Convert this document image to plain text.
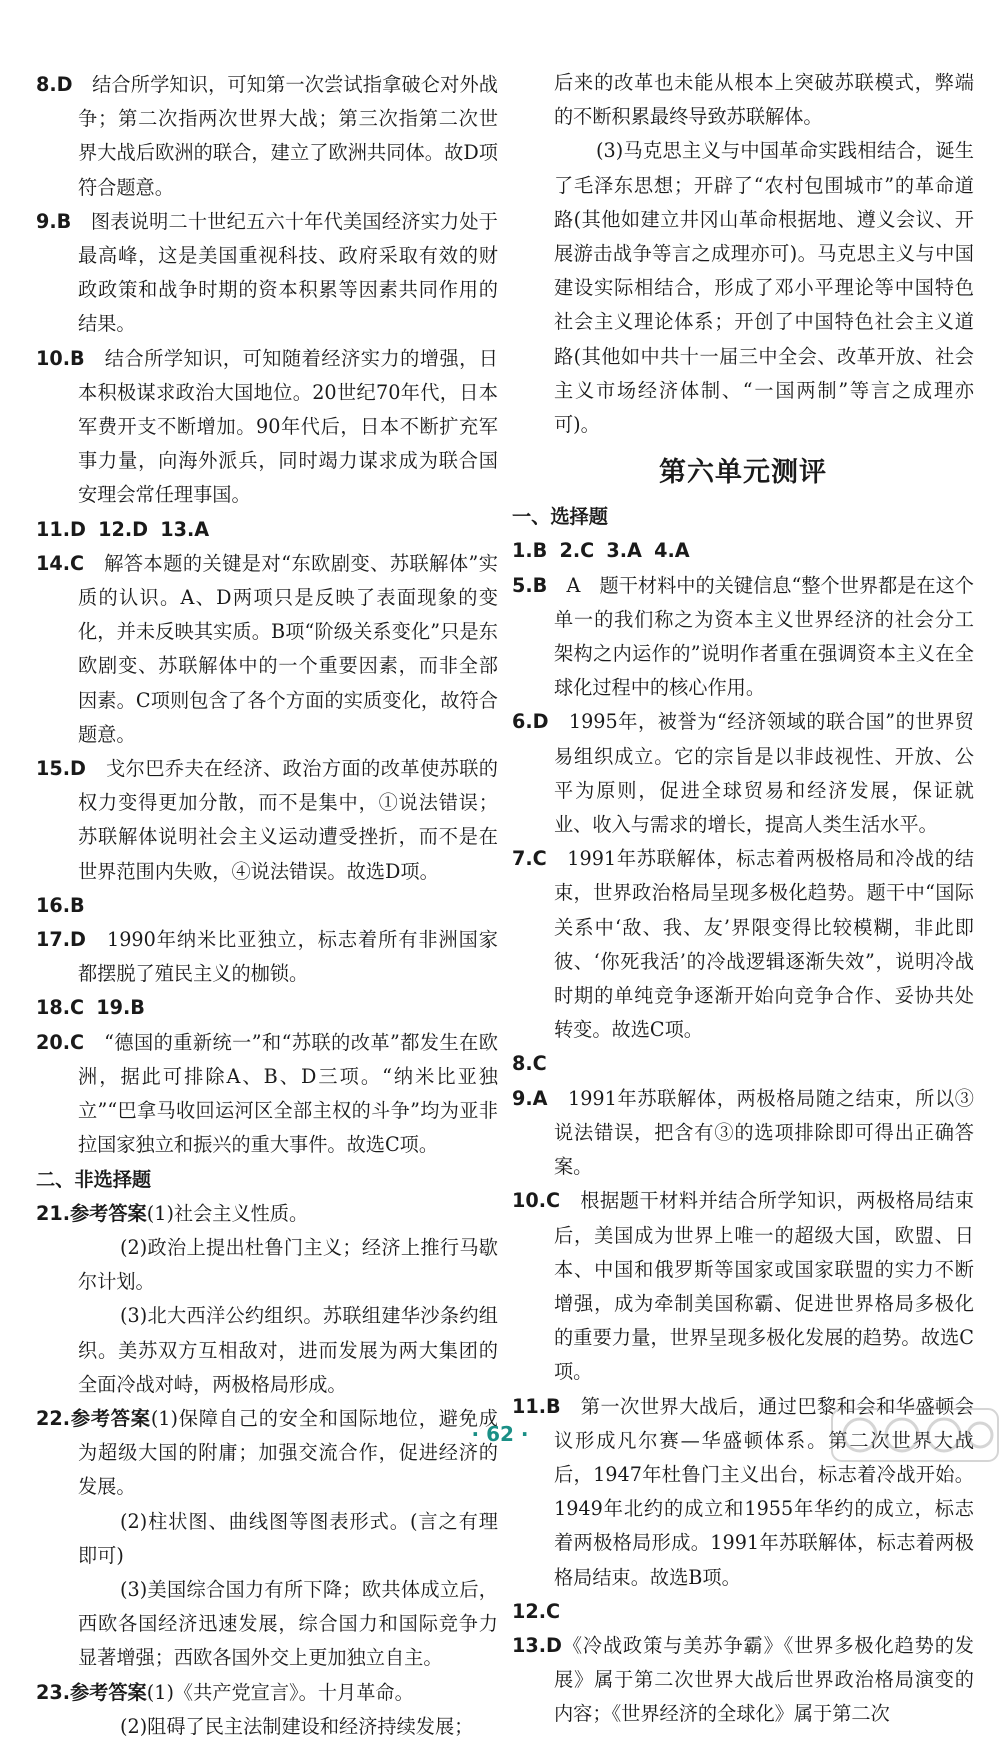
8.D　结合所学知识，可知第一次尝试指拿破仑对外战争；第二次指两次世界大战；第三次指第二次世界大战后欧洲的联合，建立了欧洲共同体。故D项符合题意。

9.B　图表说明二十世纪五六十年代美国经济实力处于最高峰，这是美国重视科技、政府采取有效的财政政策和战争时期的资本积累等因素共同作用的结果。

10.B　结合所学知识，可知随着经济实力的增强，日本积极谋求政治大国地位。20世纪70年代，日本军费开支不断增加。90年代后，日本不断扩充军事力量，向海外派兵，同时竭力谋求成为联合国安理会常任理事国。

11.D 12.D 13.A

14.C　解答本题的关键是对“东欧剧变、苏联解体”实质的认识。A、D两项只是反映了表面现象的变化，并未反映其实质。B项“阶级关系变化”只是东欧剧变、苏联解体中的一个重要因素，而非全部因素。C项则包含了各个方面的实质变化，故符合题意。

15.D　戈尔巴乔夫在经济、政治方面的改革使苏联的权力变得更加分散，而不是集中，①说法错误；苏联解体说明社会主义运动遭受挫折，而不是在世界范围内失败，④说法错误。故选D项。

16.B

17.D　1990年纳米比亚独立，标志着所有非洲国家都摆脱了殖民主义的枷锁。

18.C 19.B

20.C　“德国的重新统一”和“苏联的改革”都发生在欧洲，据此可排除A、B、D三项。“纳米比亚独立”“巴拿马收回运河区全部主权的斗争”均为亚非拉国家独立和振兴的重大事件。故选C项。

二、非选择题

21.参考答案(1)社会主义性质。

(2)政治上提出杜鲁门主义；经济上推行马歇尔计划。

(3)北大西洋公约组织。苏联组建华沙条约组织。美苏双方互相敌对，进而发展为两大集团的全面冷战对峙，两极格局形成。

22.参考答案(1)保障自己的安全和国际地位，避免成为超级大国的附庸；加强交流合作，促进经济的发展。

(2)柱状图、曲线图等图表形式。(言之有理即可)

(3)美国综合国力有所下降；欧共体成立后，西欧各国经济迅速发展，综合国力和国际竞争力显著增强；西欧各国外交上更加独立自主。

23.参考答案(1)《共产党宣言》。十月革命。

(2)阻碍了民主法制建设和经济持续发展；

后来的改革也未能从根本上突破苏联模式，弊端的不断积累最终导致苏联解体。

(3)马克思主义与中国革命实践相结合，诞生了毛泽东思想；开辟了“农村包围城市”的革命道路(其他如建立井冈山革命根据地、遵义会议、开展游击战争等言之成理亦可)。马克思主义与中国建设实际相结合，形成了邓小平理论等中国特色社会主义理论体系；开创了中国特色社会主义道路(其他如中共十一届三中全会、改革开放、社会主义市场经济体制、“一国两制”等言之成理亦可)。

第六单元测评

一、选择题

1.B 2.C 3.A 4.A

5.B　A　题干材料中的关键信息“整个世界都是在这个单一的我们称之为资本主义世界经济的社会分工架构之内运作的”说明作者重在强调资本主义在全球化过程中的核心作用。

6.D　1995年，被誉为“经济领域的联合国”的世界贸易组织成立。它的宗旨是以非歧视性、开放、公平为原则，促进全球贸易和经济发展，保证就业、收入与需求的增长，提高人类生活水平。

7.C　1991年苏联解体，标志着两极格局和冷战的结束，世界政治格局呈现多极化趋势。题干中“国际关系中‘敌、我、友’界限变得比较模糊，非此即彼、‘你死我活’的冷战逻辑逐渐失效”，说明冷战时期的单纯竞争逐渐开始向竞争合作、妥协共处转变。故选C项。

8.C

9.A　1991年苏联解体，两极格局随之结束，所以③说法错误，把含有③的选项排除即可得出正确答案。

10.C　根据题干材料并结合所学知识，两极格局结束后，美国成为世界上唯一的超级大国，欧盟、日本、中国和俄罗斯等国家或国家联盟的实力不断增强，成为牵制美国称霸、促进世界格局多极化的重要力量，世界呈现多极化发展的趋势。故选C项。

11.B　第一次世界大战后，通过巴黎和会和华盛顿会议形成凡尔赛—华盛顿体系。第二次世界大战后，1947年杜鲁门主义出台，标志着冷战开始。1949年北约的成立和1955年华约的成立，标志着两极格局形成。1991年苏联解体，标志着两极格局结束。故选B项。

12.C

13.D《冷战政策与美苏争霸》《世界多极化趋势的发展》属于第二次世界大战后世界政治格局演变的内容；《世界经济的全球化》属于第二次

· 62 ·
